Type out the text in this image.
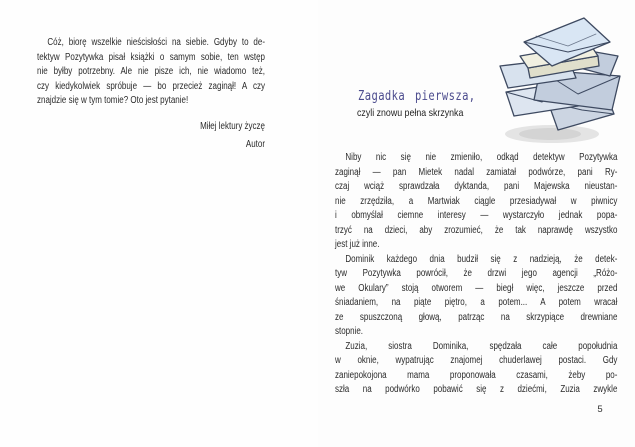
Cóż, biorę wszelkie nieścisłości na siebie. Gdyby to de-
tektyw Pozytywka pisał książki o samym sobie, ten wstęp
nie byłby potrzebny. Ale nie pisze ich, nie wiadomo też,
czy kiedykolwiek spróbuje — bo przecież zaginął! A czy
znajdzie się w tym tomie? Oto jest pytanie!
Miłej lektury życzę
Autor
Zagadka pierwsza,
czyli znowu pełna skrzynka
Niby nic się nie zmieniło, odkąd detektyw Pozytywka
zaginął — pan Mietek nadal zamiatał podwórze, pani Ry-
czaj wciąż sprawdzała dyktanda, pani Majewska nieustan-
nie zrzędziła, a Martwiak ciągle przesiadywał w piwnicy
i obmyślał ciemne interesy — wystarczyło jednak popa-
trzyć na dzieci, aby zrozumieć, że tak naprawdę wszystko
jest już inne.
Dominik każdego dnia budził się z nadzieją, że detek-
tyw Pozytywka powrócił, że drzwi jego agencji „Różo-
we Okulary” stoją otworem — biegł więc, jeszcze przed
śniadaniem, na piąte piętro, a potem... A potem wracał
ze spuszczoną głową, patrząc na skrzypiące drewniane
stopnie.
Zuzia, siostra Dominika, spędzała całe popołudnia
w oknie, wypatrując znajomej chuderlawej postaci. Gdy
zaniepokojona mama proponowała czasami, żeby po-
szła na podwórko pobawić się z dziećmi, Zuzia zwykle
5
